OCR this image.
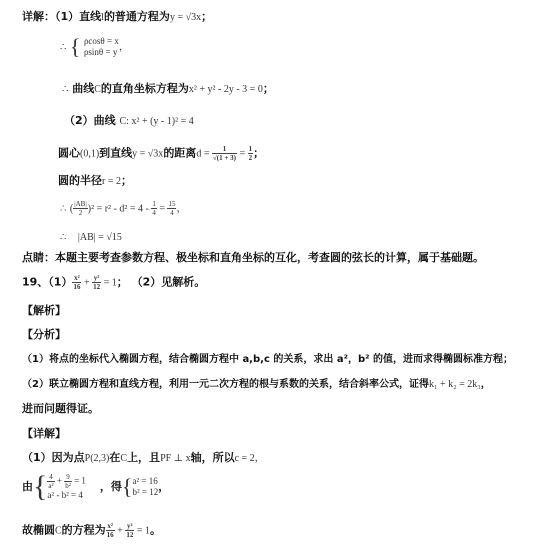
详解：（1）直线l的普通方程为y = √3x；
∴ { ρcosθ = x
ρsinθ = y ，
∴ 曲线C的直角坐标方程为x² + y² - 2y - 3 = 0；
（2）曲线 C: x² + (y - 1)² = 4
圆心(0,1)到直线y = √3x的距离$d = \frac{1}{√(1 + 3)} = \frac{1}{2}$ ；
圆的半径r = 2；
∴ ( $\frac{|AB|}{2} )^2 = r^2 - d^2 = 4 - \frac{1}{4} = \frac{15}{4}$ ，
∴ |AB| = √15
点睛：本题主要考查参数方程、极坐标和直角坐标的互化，考查圆的弦长的计算，属于基础题。
19、$(1) \frac{\text{x²}}{16} + \frac{\text{y²}}{12} = 1$； （2）见解析。
【解析】
【分析】
（1）将点的坐标代入椭圆方程，结合椭圆方程中 a,b,c 的关系，求出 a²，b² 的值，进而求得椭圆标准方程；
（2）联立椭圆方程和直线方程，利用一元二次方程的根与系数的关系，结合斜率公式，证得k₁ + k₂ = 2k₃，
进而问题得证。
【详解】
（1）因为点P(2,3)在C上，且PF ⊥ x轴，所以c = 2，
由{ $\frac{4}{\text{a²}} + \frac{9}{\text{b²}} = 1$
a² - b² = 4
，得{ a² = 16
b² = 12 ，
故椭圆C的方程为 $\frac{\text{x²}}{16} + \frac{\text{y²}}{12} = 1$。
